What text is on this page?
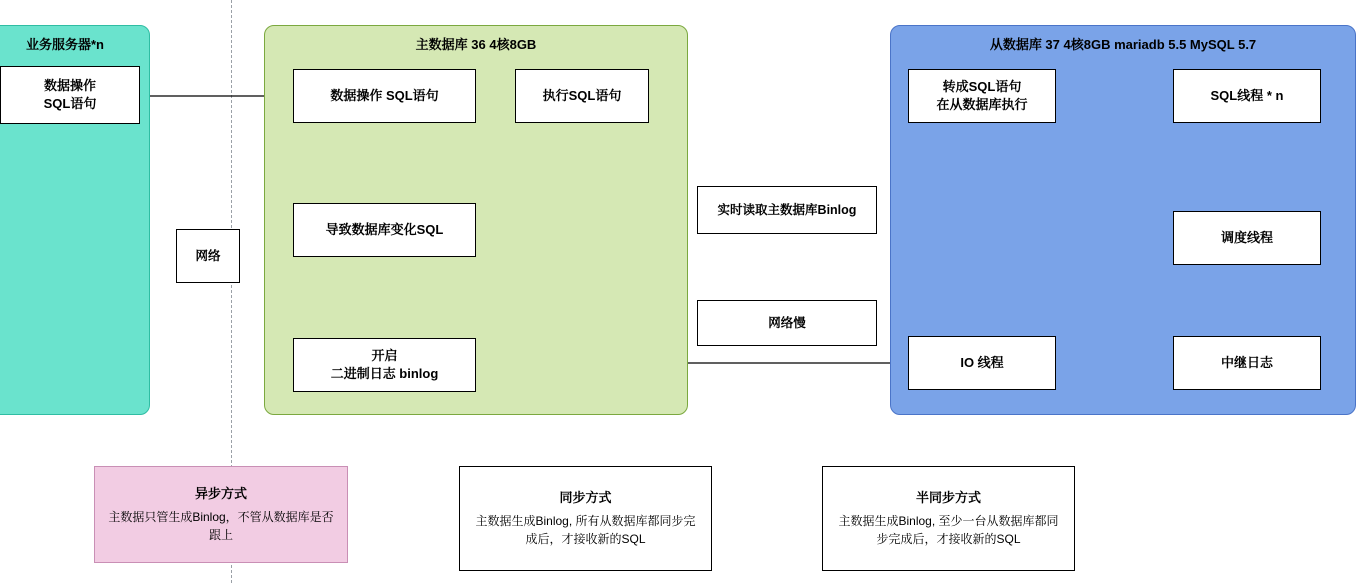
业务服务器*n
数据操作
SQL语句
网络
主数据库 36 4核8GB
数据操作 SQL语句	执行SQL语句
导致数据库变化SQL
开启
二进制日志 binlog
实时读取主数据库Binlog
网络慢
从数据库 37 4核8GB mariadb 5.5 MySQL 5.7
转成SQL语句
在从数据库执行
SQL线程 * n
调度线程
IO 线程	中继日志
异步方式
主数据只管生成Binlog，不管从数据库是否跟上
同步方式
主数据生成Binlog, 所有从数据库都同步完成后，才接收新的SQL
半同步方式
主数据生成Binlog, 至少一台从数据库都同步完成后，才接收新的SQL
